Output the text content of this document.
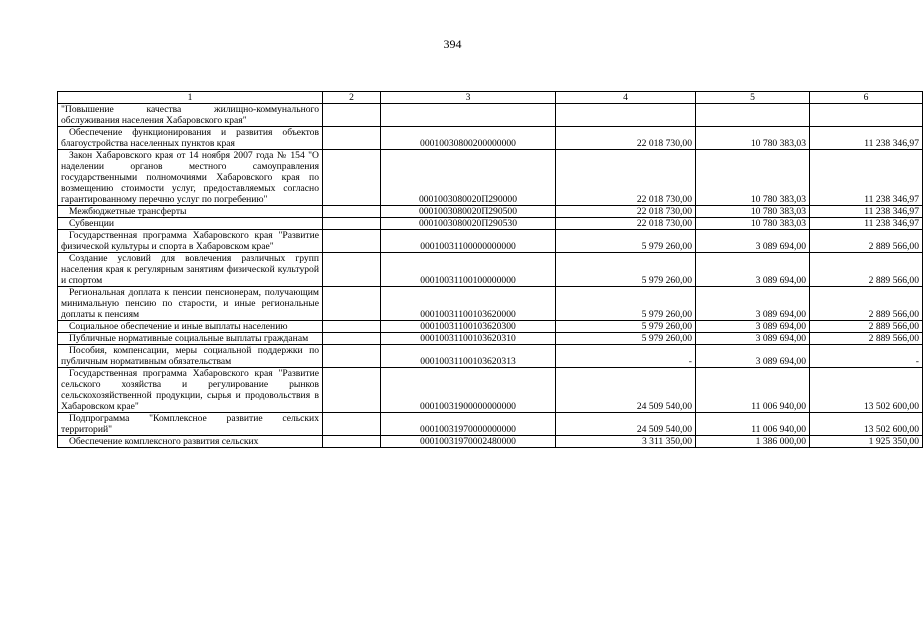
394
1	2	3	4	5	6
"Повышение качества жилищно-коммунального обслуживания населения Хабаровского края"					
Обеспечение функционирования и развития объектов благоустройства населенных пунктов края		00010030800200000000	22 018 730,00	10 780 383,03	11 238 346,97
Закон Хабаровского края от 14 ноября 2007 года № 154 "О наделении органов местного самоуправления государственными полномочиями Хабаровского края по возмещению стоимости услуг, предоставляемых согласно гарантированному перечню услуг по погребению"		0001003080020П290000	22 018 730,00	10 780 383,03	11 238 346,97
Межбюджетные трансферты		0001003080020П290500	22 018 730,00	10 780 383,03	11 238 346,97
Субвенции		0001003080020П290530	22 018 730,00	10 780 383,03	11 238 346,97
Государственная программа Хабаровского края "Развитие физической культуры и спорта в Хабаровском крае"		00010031100000000000	5 979 260,00	3 089 694,00	2 889 566,00
Создание условий для вовлечения различных групп населения края к регулярным занятиям физической культурой и спортом		00010031100100000000	5 979 260,00	3 089 694,00	2 889 566,00
Региональная доплата к пенсии пенсионерам, получающим минимальную пенсию по старости, и иные региональные доплаты к пенсиям		00010031100103620000	5 979 260,00	3 089 694,00	2 889 566,00
Социальное обеспечение и иные выплаты населению		00010031100103620300	5 979 260,00	3 089 694,00	2 889 566,00
Публичные нормативные социальные выплаты гражданам		00010031100103620310	5 979 260,00	3 089 694,00	2 889 566,00
Пособия, компенсации, меры социальной поддержки по публичным нормативным обязательствам		00010031100103620313	-	3 089 694,00	-
Государственная программа Хабаровского края "Развитие сельского хозяйства и регулирование рынков сельскохозяйственной продукции, сырья и продовольствия в Хабаровском крае"		00010031900000000000	24 509 540,00	11 006 940,00	13 502 600,00
Подпрограмма "Комплексное развитие сельских территорий"		00010031970000000000	24 509 540,00	11 006 940,00	13 502 600,00
Обеспечение комплексного развития сельских		00010031970002480000	3 311 350,00	1 386 000,00	1 925 350,00
